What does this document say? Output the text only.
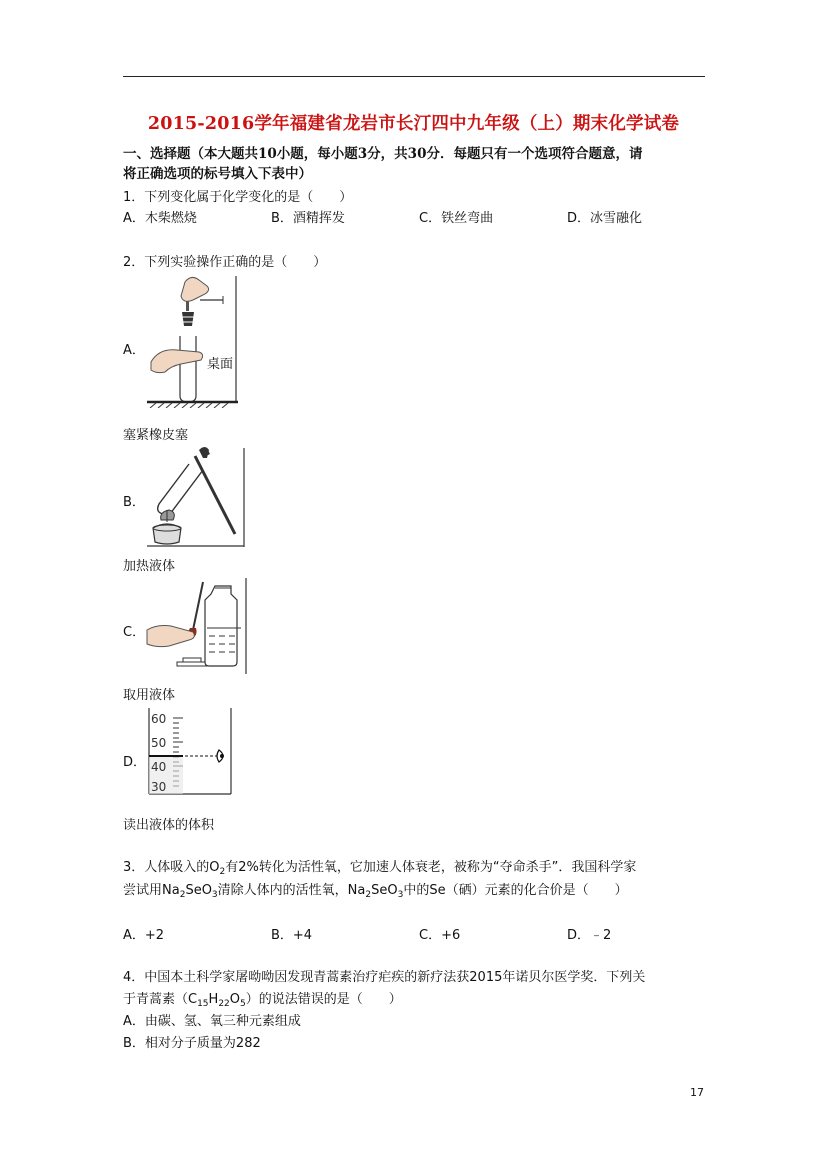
2015-2016学年福建省龙岩市长汀四中九年级（上）期末化学试卷
一、选择题（本大题共10小题，每小题3分，共30分．每题只有一个选项符合题意，请
将正确选项的标号填入下表中）
1．下列变化属于化学变化的是（　　）
A．木柴燃烧	B．酒精挥发	C．铁丝弯曲	D．冰雪融化
2．下列实验操作正确的是（　　）
A．
桌面
塞紧橡皮塞
B．
加热液体
C．
取用液体
D．
60
50
40
30
读出液体的体积
3．人体吸入的$O_2$有2%转化为活性氧，它加速人体衰老，被称为“夺命杀手”．我国科学家
尝试用$Na_2SeO_3$清除人体内的活性氧，$Na_2SeO_3$中的Se（硒）元素的化合价是（　　）
A．+2	B．+4	C．+6	D．﹣2
4．中国本土科学家屠呦呦因发现青蒿素治疗疟疾的新疗法获2015年诺贝尔医学奖．下列关
于青蒿素$(C_{15}H_{22}O_5)$的说法错误的是（　　）
A．由碳、氢、氧三种元素组成
B．相对分子质量为282
17
